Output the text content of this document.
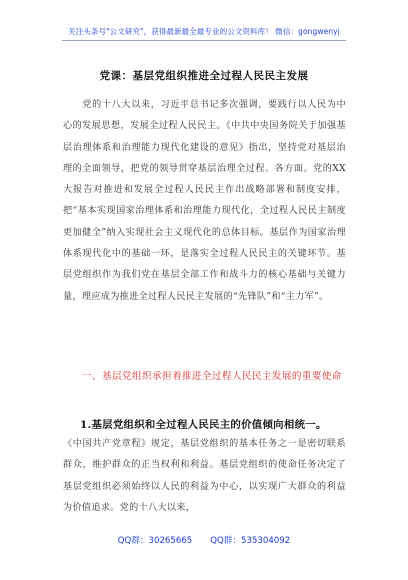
关注头条号"公文研究"，获得最新最全最专业的公文资料库！ 微信：gongwenyj
党课：基层党组织推进全过程人民民主发展
党的十八大以来，习近平总书记多次强调，要践行以人民为中心的发展思想，发展全过程人民民主。《中共中央国务院关于加强基层治理体系和治理能力现代化建设的意见》指出，坚持党对基层治理的全面领导，把党的领导贯穿基层治理全过程、各方面。党的XX大报告对推进和发展全过程人民民主作出战略部署和制度安排，把“基本实现国家治理体系和治理能力现代化，全过程人民民主制度更加健全”纳入实现社会主义现代化的总体目标。基层作为国家治理体系现代化中的基础一环，是落实全过程人民民主的关键环节。基层党组织作为我们党在基层全部工作和战斗力的核心基础与关键力量，理应成为推进全过程人民民主发展的“先锋队”和“主力军”。
一、基层党组织承担着推进全过程人民民主发展的重要使命
1.基层党组织和全过程人民民主的价值倾向相统一。
《中国共产党章程》规定，基层党组织的基本任务之一是密切联系群众，维护群众的正当权利和利益。基层党组织的使命任务决定了基层党组织必须始终以人民的利益为中心，以实现广大群众的利益为价值追求。党的十八大以来，
QQ群：30265665 QQ群：535304092
